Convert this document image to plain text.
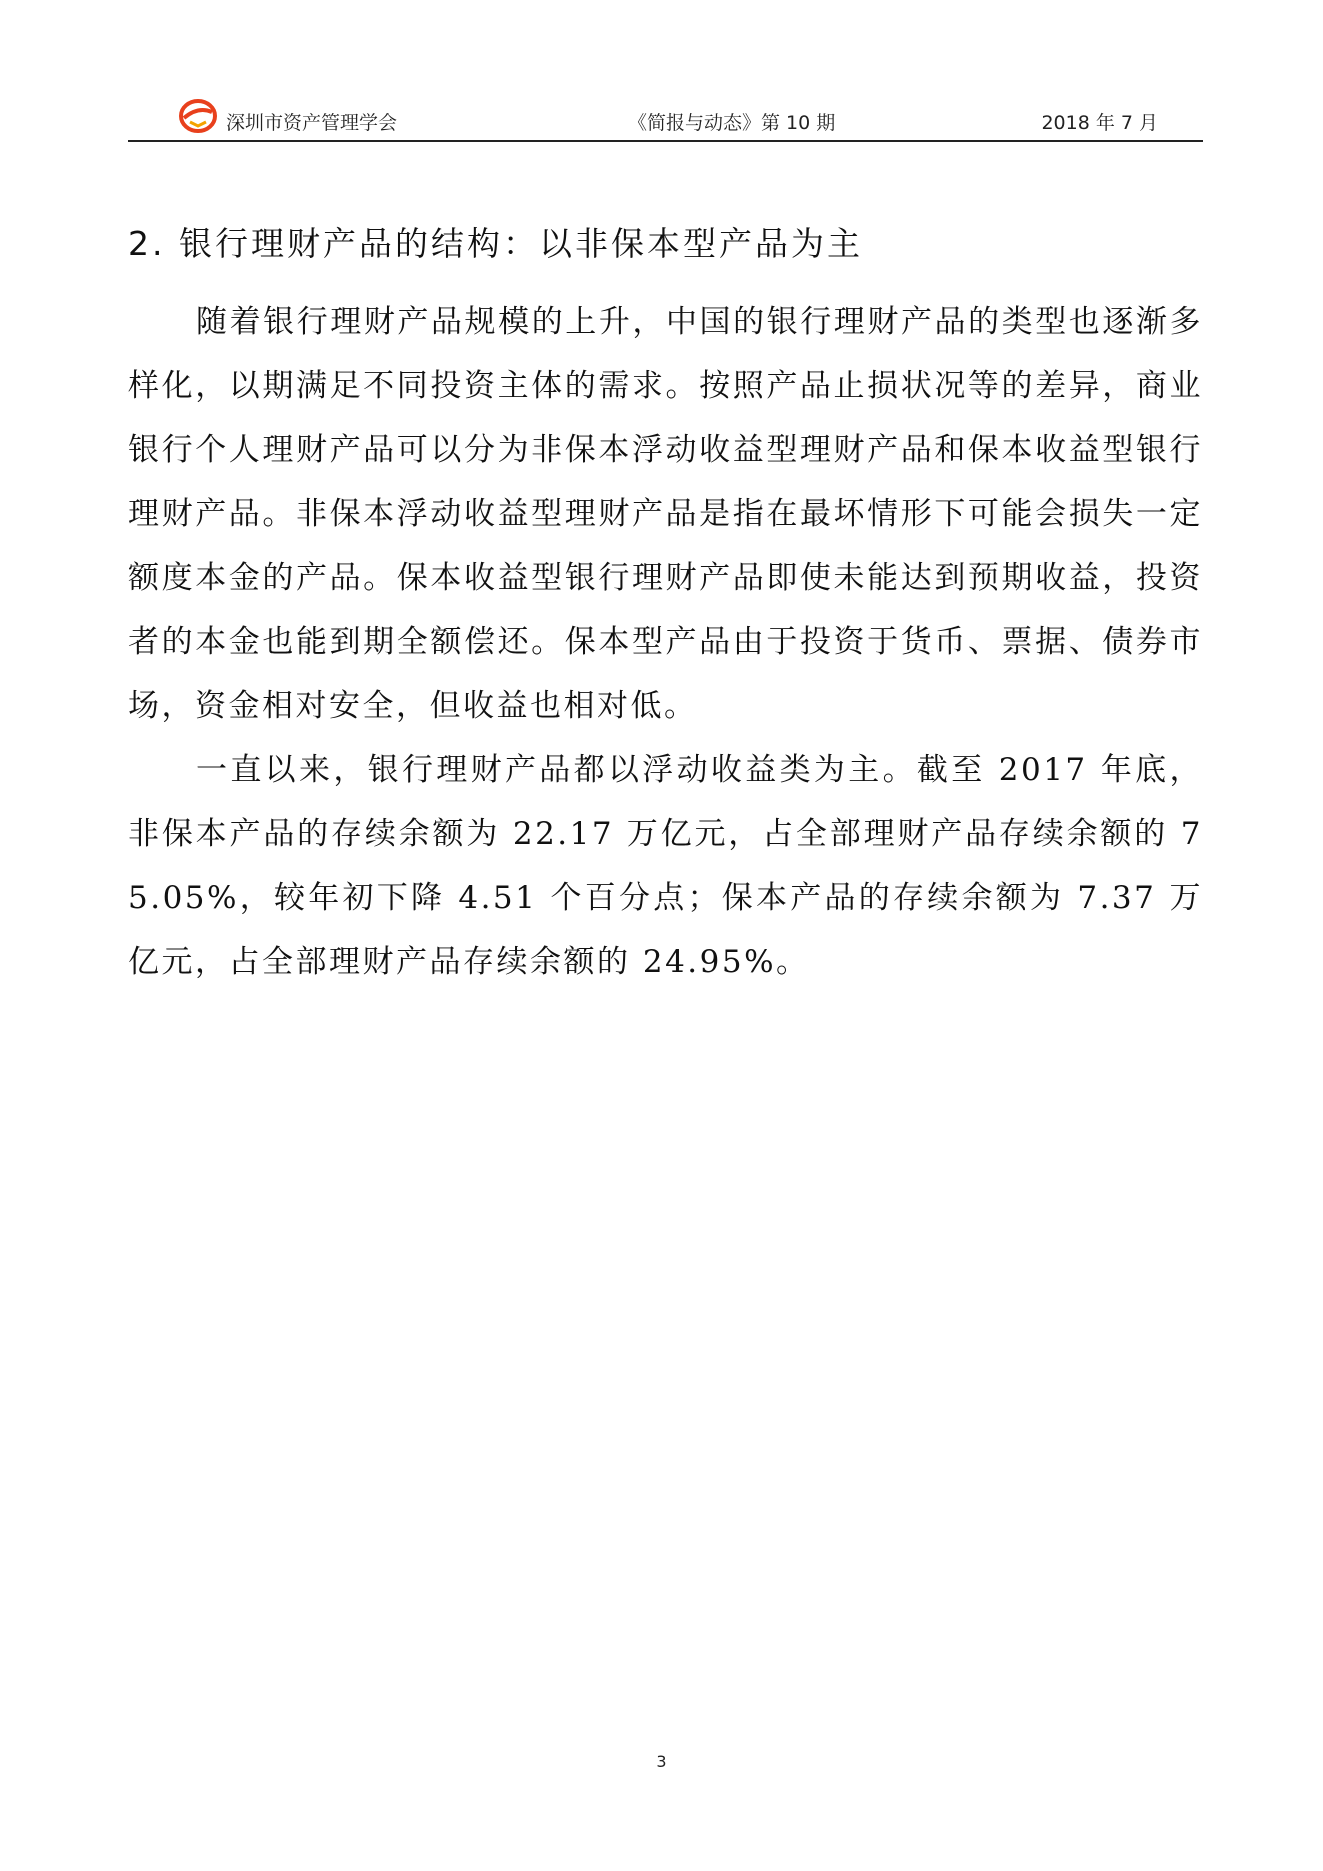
深圳市资产管理学会	《简报与动态》第 10 期	2018 年 7 月
2. 银行理财产品的结构：以非保本型产品为主

随着银行理财产品规模的上升，中国的银行理财产品的类型也逐渐多样化，以期满足不同投资主体的需求。按照产品止损状况等的差异，商业银行个人理财产品可以分为非保本浮动收益型理财产品和保本收益型银行理财产品。非保本浮动收益型理财产品是指在最坏情形下可能会损失一定额度本金的产品。保本收益型银行理财产品即使未能达到预期收益，投资者的本金也能到期全额偿还。保本型产品由于投资于货币、票据、债券市场，资金相对安全，但收益也相对低。

一直以来，银行理财产品都以浮动收益类为主。截至 2017 年底，非保本产品的存续余额为 22.17 万亿元，占全部理财产品存续余额的 75.05%，较年初下降 4.51 个百分点；保本产品的存续余额为 7.37 万亿元，占全部理财产品存续余额的 24.95%。

3
